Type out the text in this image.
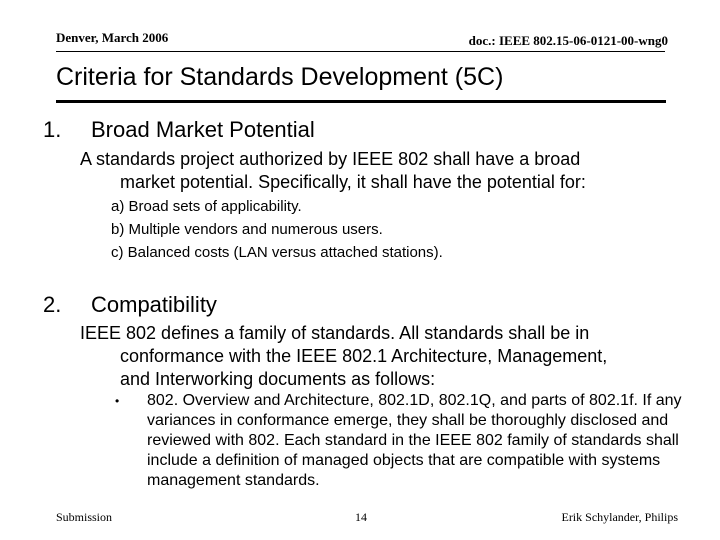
Denver, March 2006	doc.: IEEE 802.15-06-0121-00-wng0
Criteria for Standards Development (5C)
1. Broad Market Potential
A standards project authorized by IEEE 802 shall have a broad
market potential. Specifically, it shall have the potential for:
a) Broad sets of applicability.
b) Multiple vendors and numerous users.
c) Balanced costs (LAN versus attached stations).
2. Compatibility
IEEE 802 defines a family of standards. All standards shall be in
conformance with the IEEE 802.1 Architecture, Management,
and Interworking documents as follows:
• 802. Overview and Architecture, 802.1D, 802.1Q, and parts of 802.1f. If any variances in conformance emerge, they shall be thoroughly disclosed and reviewed with 802. Each standard in the IEEE 802 family of standards shall include a definition of managed objects that are compatible with systems management standards.
Submission	14	Erik Schylander, Philips
